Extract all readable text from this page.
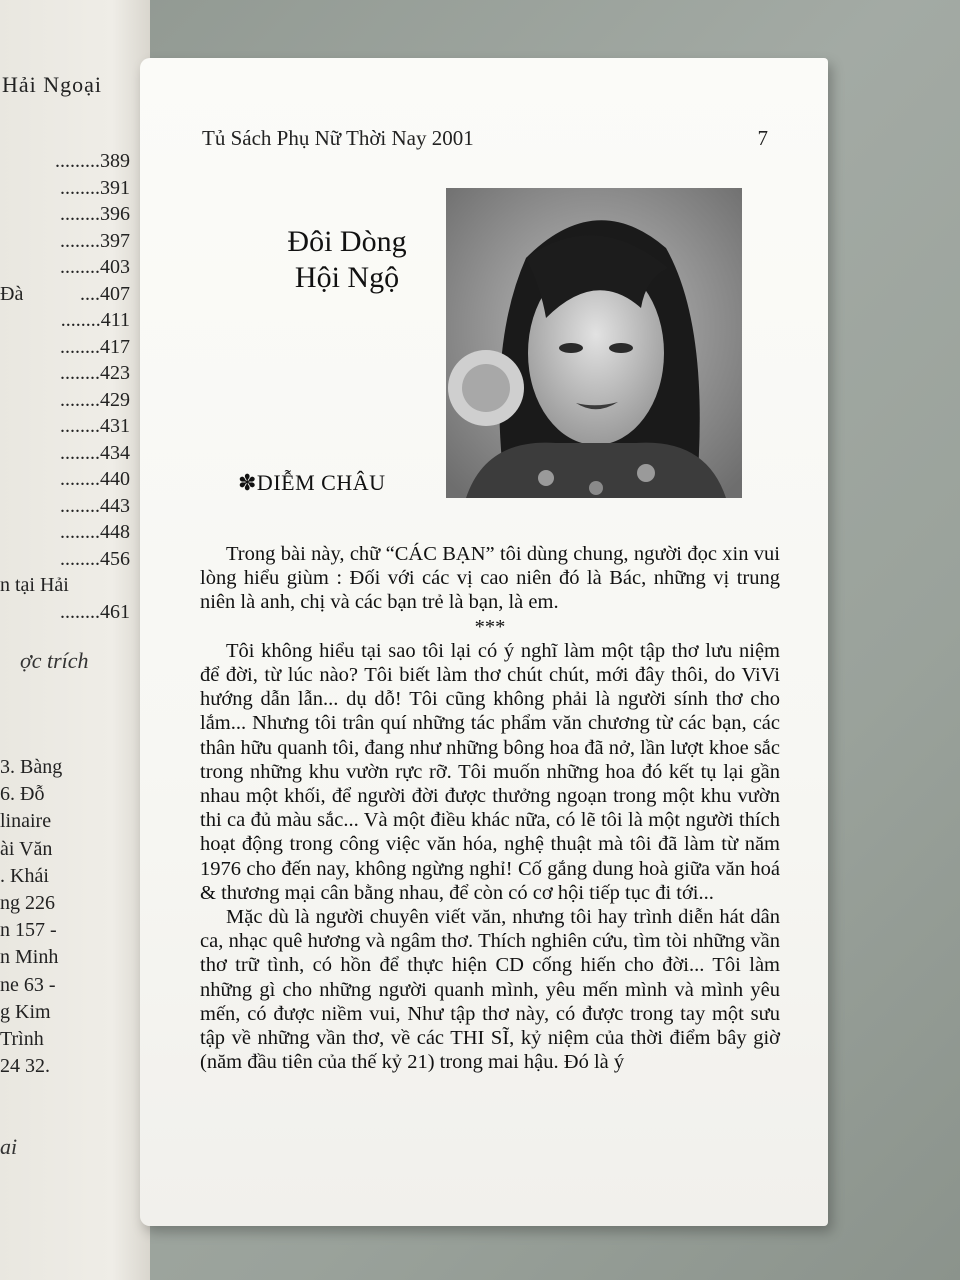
Hải Ngoại
.........389
........391
........396
........397
........403
Đà	....407
........411
........417
........423
........429
........431
........434
........440
........443
........448
........456
n tại Hải
........461
ợc trích
3. Bàng
6. Đỗ
linaire
ài Văn
. Khái
ng 226
n 157 -
n Minh
ne 63 -
g Kim
Trình
24 32.
ai
Tủ Sách Phụ Nữ Thời Nay 2001	7
Đôi Dòng
Hội Ngộ
✽DIỄM CHÂU

Trong bài này, chữ “CÁC BẠN” tôi dùng chung, người đọc xin vui lòng hiểu giùm : Đối với các vị cao niên đó là Bác, những vị trung niên là anh, chị và các bạn trẻ là bạn, là em.

***

Tôi không hiểu tại sao tôi lại có ý nghĩ làm một tập thơ lưu niệm để đời, từ lúc nào? Tôi biết làm thơ chút chút, mới đây thôi, do ViVi hướng dẫn lẫn... dụ dỗ! Tôi cũng không phải là người sính thơ cho lắm... Nhưng tôi trân quí những tác phẩm văn chương từ các bạn, các thân hữu quanh tôi, đang như những bông hoa đã nở, lần lượt khoe sắc trong những khu vườn rực rỡ. Tôi muốn những hoa đó kết tụ lại gần nhau một khối, để người đời được thưởng ngoạn trong một khu vườn thi ca đủ màu sắc... Và một điều khác nữa, có lẽ tôi là một người thích hoạt động trong công việc văn hóa, nghệ thuật mà tôi đã làm từ năm 1976 cho đến nay, không ngừng nghỉ! Cố gắng dung hoà giữa văn hoá & thương mại cân bằng nhau, để còn có cơ hội tiếp tục đi tới...

Mặc dù là người chuyên viết văn, nhưng tôi hay trình diễn hát dân ca, nhạc quê hương và ngâm thơ. Thích nghiên cứu, tìm tòi những vần thơ trữ tình, có hồn để thực hiện CD cống hiến cho đời... Tôi làm những gì cho những người quanh mình, yêu mến mình và mình yêu mến, có được niềm vui, Như tập thơ này, có được trong tay một sưu tập về những vần thơ, về các THI SĨ, kỷ niệm của thời điểm bây giờ (năm đầu tiên của thế kỷ 21) trong mai hậu. Đó là ý
